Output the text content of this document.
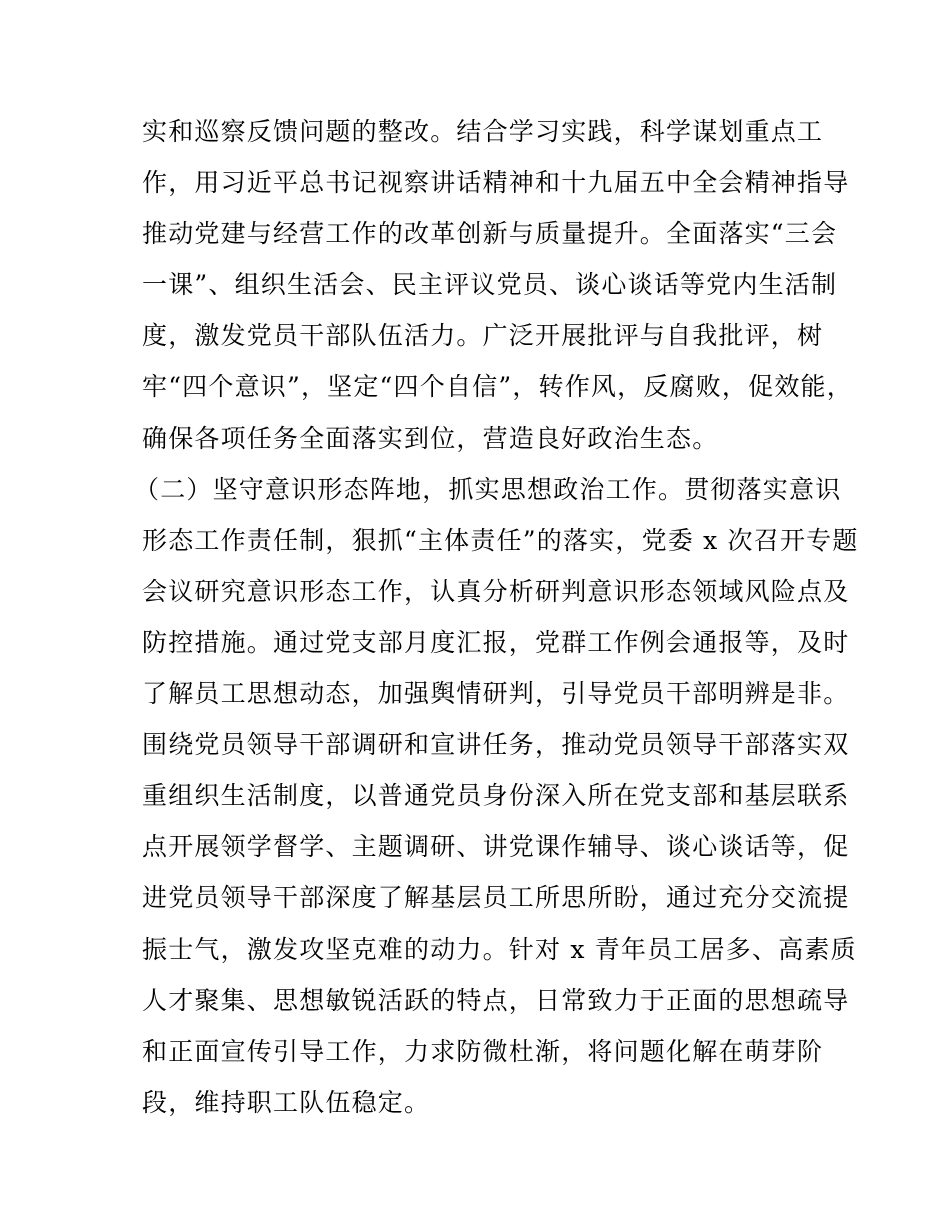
实和巡察反馈问题的整改。结合学习实践，科学谋划重点工
作，用习近平总书记视察讲话精神和十九届五中全会精神指导
推动党建与经营工作的改革创新与质量提升。全面落实“三会
一课”、组织生活会、民主评议党员、谈心谈话等党内生活制
度，激发党员干部队伍活力。广泛开展批评与自我批评，树
牢“四个意识”，坚定“四个自信”，转作风，反腐败，促效能，
确保各项任务全面落实到位，营造良好政治生态。
（二）坚守意识形态阵地，抓实思想政治工作。贯彻落实意识
形态工作责任制，狠抓“主体责任”的落实，党委 x 次召开专题
会议研究意识形态工作，认真分析研判意识形态领域风险点及
防控措施。通过党支部月度汇报，党群工作例会通报等，及时
了解员工思想动态，加强舆情研判，引导党员干部明辨是非。
围绕党员领导干部调研和宣讲任务，推动党员领导干部落实双
重组织生活制度，以普通党员身份深入所在党支部和基层联系
点开展领学督学、主题调研、讲党课作辅导、谈心谈话等，促
进党员领导干部深度了解基层员工所思所盼，通过充分交流提
振士气，激发攻坚克难的动力。针对 x 青年员工居多、高素质
人才聚集、思想敏锐活跃的特点，日常致力于正面的思想疏导
和正面宣传引导工作，力求防微杜渐，将问题化解在萌芽阶
段，维持职工队伍稳定。
